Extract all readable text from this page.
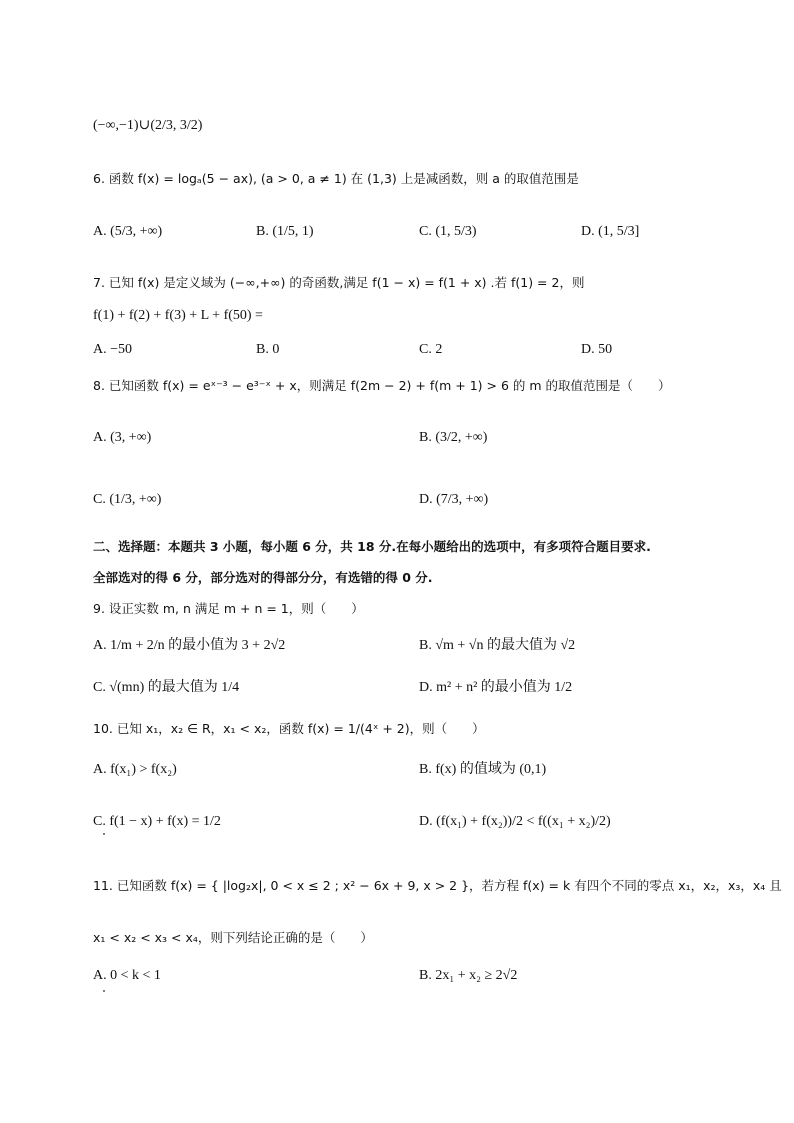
(−∞,−1)∪(2/3, 3/2)
6. 函数 f(x) = logₐ(5 − ax), (a > 0, a ≠ 1) 在 (1,3) 上是减函数，则 a 的取值范围是
A. (5/3, +∞)	B. (1/5, 1)	C. (1, 5/3)	D. (1, 5/3]
7. 已知 f(x) 是定义域为 (−∞,+∞) 的奇函数,满足 f(1 − x) = f(1 + x) .若 f(1) = 2，则
f(1) + f(2) + f(3) + L + f(50) =
A. −50	B. 0	C. 2	D. 50
8. 已知函数 f(x) = eˣ⁻³ − e³⁻ˣ + x，则满足 f(2m − 2) + f(m + 1) > 6 的 m 的取值范围是（　　）
A. (3, +∞)	B. (3/2, +∞)
C. (1/3, +∞)	D. (7/3, +∞)
二、选择题：本题共 3 小题，每小题 6 分，共 18 分.在每小题给出的选项中，有多项符合题目要求.
全部选对的得 6 分，部分选对的得部分分，有选错的得 0 分.
9. 设正实数 m, n 满足 m + n = 1，则（　　）
A. 1/m + 2/n 的最小值为 3 + 2√2	B. √m + √n 的最大值为 √2
C. √(mn) 的最大值为 1/4	D. m² + n² 的最小值为 1/2
10. 已知 x₁，x₂ ∈ R，x₁ < x₂，函数 f(x) = 1/(4ˣ + 2)，则（　　）
A. f(x₁) > f(x₂)	B. f(x) 的值域为 (0,1)
C. f(1 − x) + f(x) = 1/2	D. (f(x₁) + f(x₂))/2 < f((x₁ + x₂)/2)
11. 已知函数 f(x) = { |log₂x|, 0 < x ≤ 2 ; x² − 6x + 9, x > 2 }，若方程 f(x) = k 有四个不同的零点 x₁，x₂，x₃，x₄ 且
x₁ < x₂ < x₃ < x₄，则下列结论正确的是（　　）
A. 0 < k < 1	B. 2x₁ + x₂ ≥ 2√2
